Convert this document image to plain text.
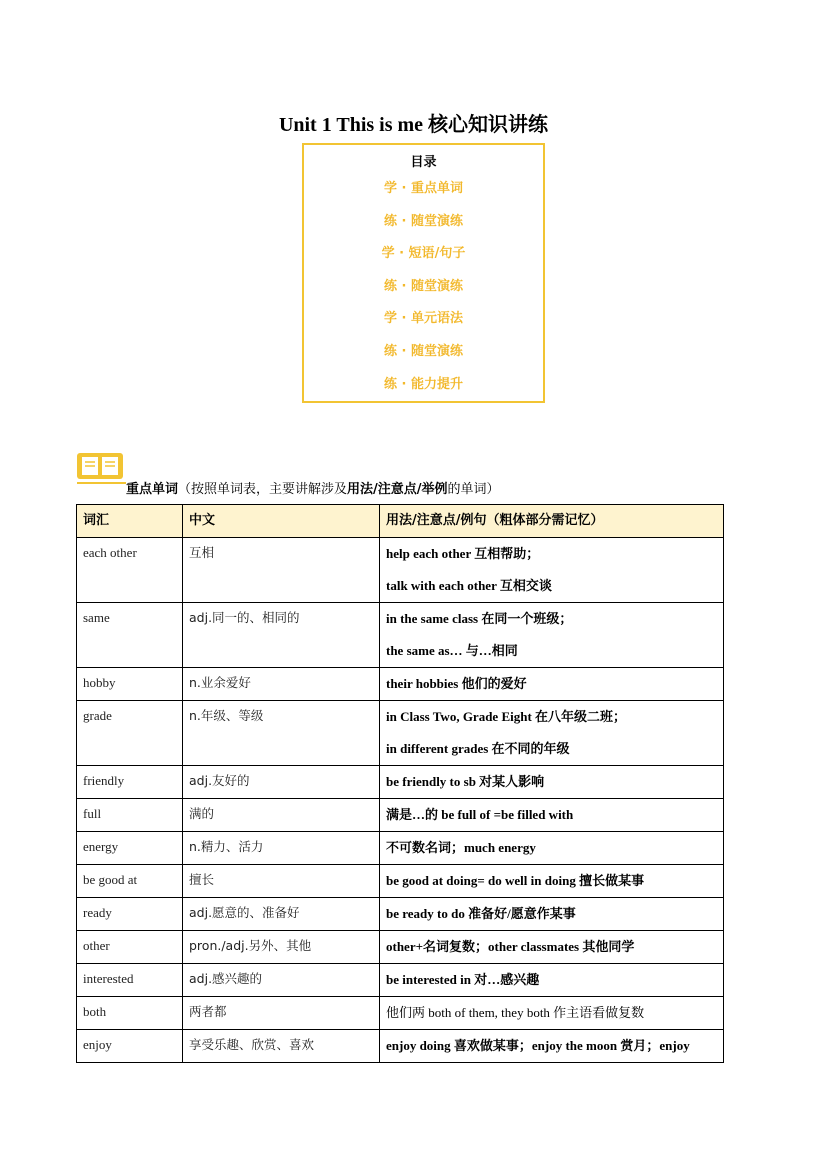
Unit 1 This is me 核心知识讲练
目录
学 · 重点单词
练 · 随堂演练
学 · 短语/句子
练 · 随堂演练
学 · 单元语法
练 · 随堂演练
练 · 能力提升
重点单词（按照单词表，主要讲解涉及用法/注意点/举例的单词）
词汇	中文	用法/注意点/例句（粗体部分需记忆）
each other	互相	help each other 互相帮助；
talk with each other 互相交谈

same	adj.同一的、相同的	in the same class 在同一个班级；
the same as… 与…相同

hobby	n.业余爱好	their hobbies 他们的爱好

grade	n.年级、等级	in Class Two, Grade Eight 在八年级二班；
in different grades 在不同的年级

friendly	adj.友好的	be friendly to sb 对某人影响

full	满的	满是…的 be full of =be filled with

energy	n.精力、活力	不可数名词；much energy

be good at	擅长	be good at doing= do well in doing 擅长做某事

ready	adj.愿意的、准备好	be ready to do 准备好/愿意作某事

other	pron./adj.另外、其他	other+名词复数；other classmates 其他同学

interested	adj.感兴趣的	be interested in 对…感兴趣

both	两者都	他们两 both of them, they both 作主语看做复数

enjoy	享受乐趣、欣赏、喜欢	enjoy doing 喜欢做某事；enjoy the moon 赏月；enjoy
